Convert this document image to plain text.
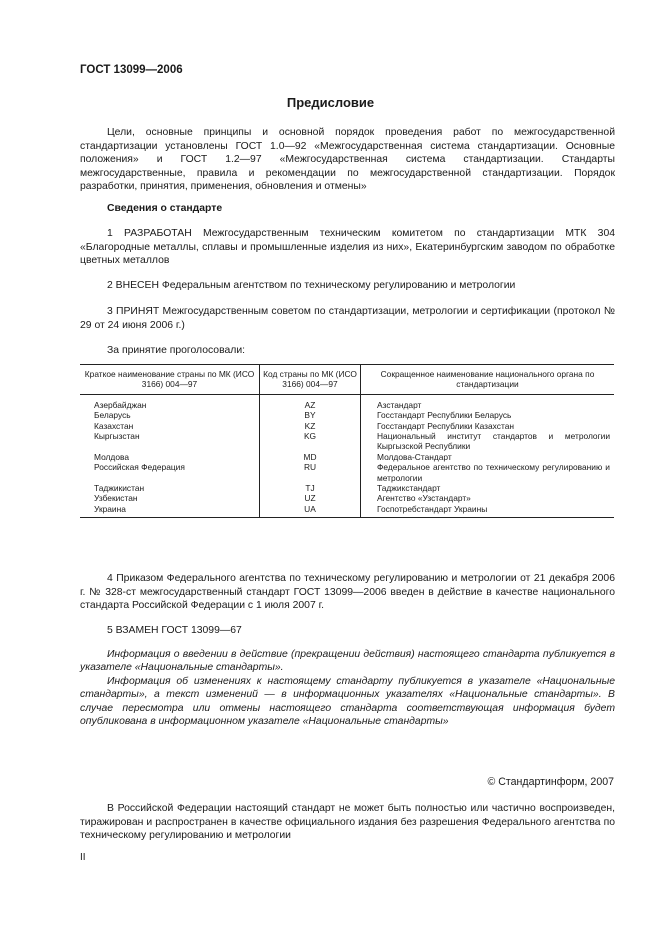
ГОСТ 13099—2006
Предисловие
Цели, основные принципы и основной порядок проведения работ по межгосударственной стандартизации установлены ГОСТ 1.0—92 «Межгосударственная система стандартизации. Основные положения» и ГОСТ 1.2—97 «Межгосударственная система стандартизации. Стандарты межгосударственные, правила и рекомендации по межгосударственной стандартизации. Порядок разработки, принятия, применения, обновления и отмены»
Сведения о стандарте
1 РАЗРАБОТАН Межгосударственным техническим комитетом по стандартизации МТК 304 «Благородные металлы, сплавы и промышленные изделия из них», Екатеринбургским заводом по обработке цветных металлов
2 ВНЕСЕН Федеральным агентством по техническому регулированию и метрологии
3 ПРИНЯТ Межгосударственным советом по стандартизации, метрологии и сертификации (протокол № 29 от 24 июня 2006 г.)
За принятие проголосовали:
Краткое наименование страны по МК (ИСО 3166) 004—97	Код страны по МК (ИСО 3166) 004—97	Сокращенное наименование национального органа по стандартизации
Азербайджан	AZ	Азстандарт
Беларусь	BY	Госстандарт Республики Беларусь
Казахстан	KZ	Госстандарт Республики Казахстан
Кыргызстан	KG	Национальный институт стандартов и метрологии Кыргызской Республики
Молдова	MD	Молдова-Стандарт
Российская Федерация	RU	Федеральное агентство по техническому регулированию и метрологии
Таджикистан	TJ	Таджикстандарт
Узбекистан	UZ	Агентство «Узстандарт»
Украина	UA	Госпотребстандарт Украины
4 Приказом Федерального агентства по техническому регулированию и метрологии от 21 декабря 2006 г. № 328-ст межгосударственный стандарт ГОСТ 13099—2006 введен в действие в качестве национального стандарта Российской Федерации с 1 июля 2007 г.
5 ВЗАМЕН ГОСТ 13099—67
Информация о введении в действие (прекращении действия) настоящего стандарта публикуется в указателе «Национальные стандарты».
Информация об изменениях к настоящему стандарту публикуется в указателе «Национальные стандарты», а текст изменений — в информационных указателях «Национальные стандарты». В случае пересмотра или отмены настоящего стандарта соответствующая информация будет опубликована в информационном указателе «Национальные стандарты»
© Стандартинформ, 2007
В Российской Федерации настоящий стандарт не может быть полностью или частично воспроизведен, тиражирован и распространен в качестве официального издания без разрешения Федерального агентства по техническому регулированию и метрологии
II
